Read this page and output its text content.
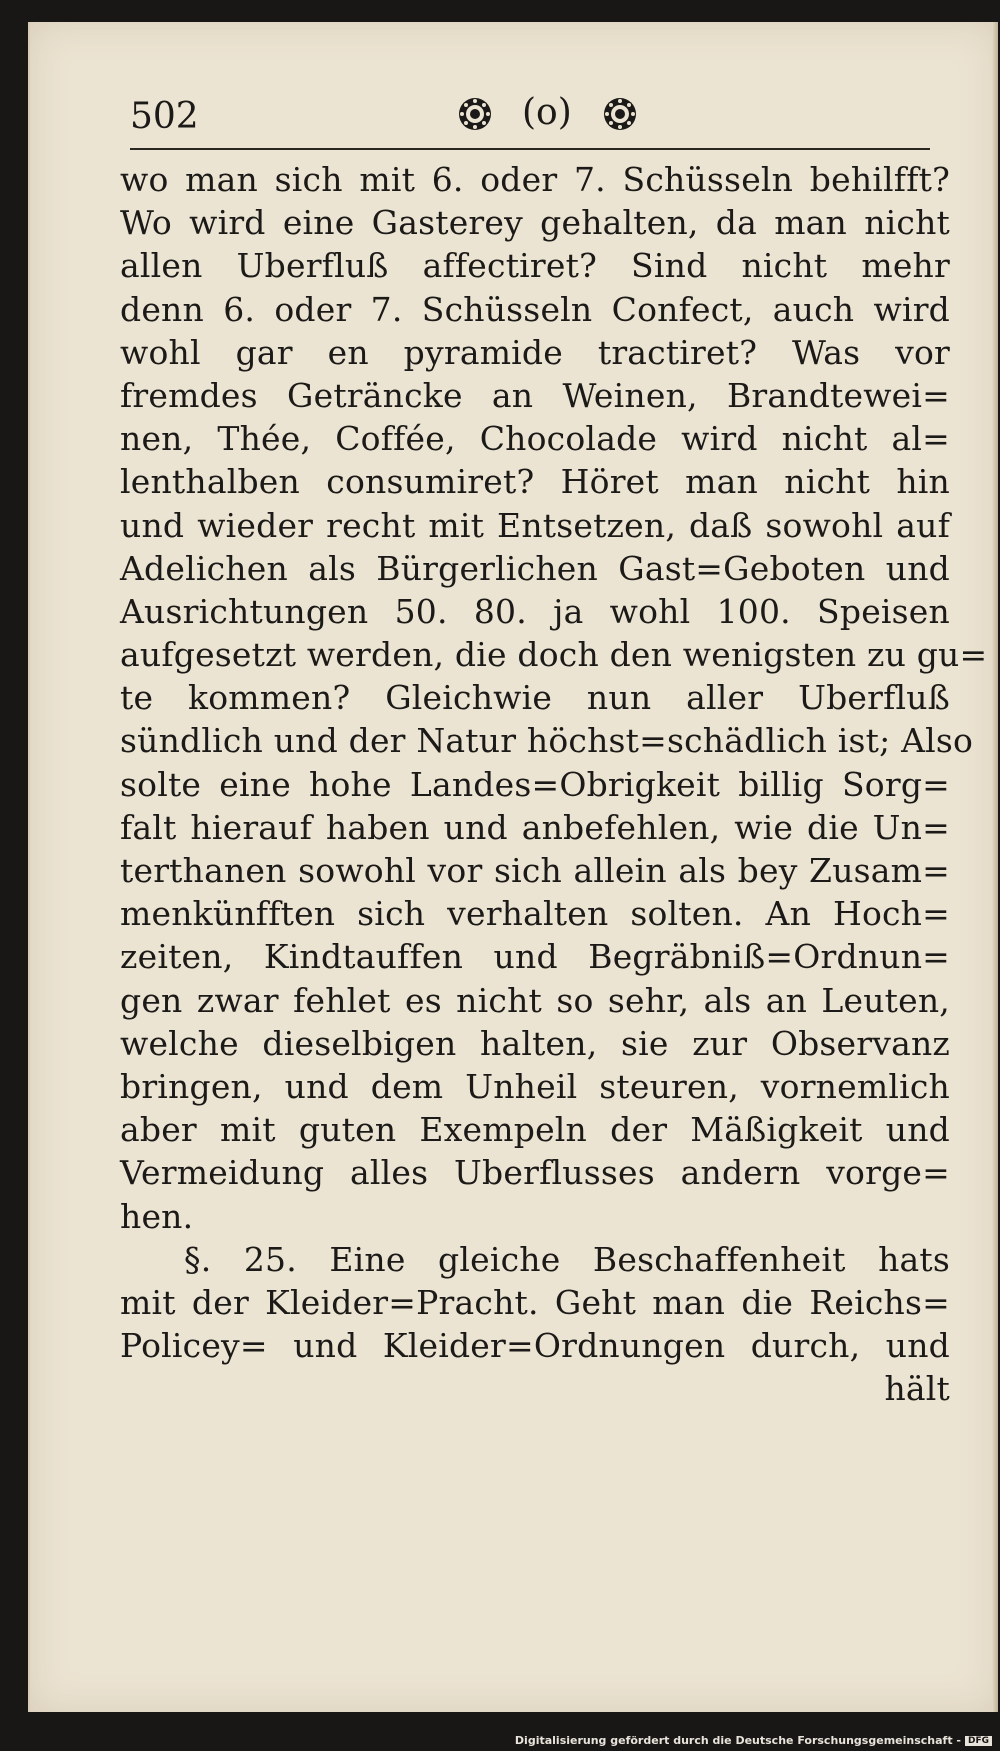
502	(o)
wo man sich mit 6. oder 7. Schüsseln behilfft?
Wo wird eine Gasterey gehalten, da man nicht
allen Uberfluß affectiret? Sind nicht mehr
denn 6. oder 7. Schüsseln Confect, auch wird
wohl gar en pyramide tractiret? Was vor
fremdes Geträncke an Weinen, Brandtewei=
nen, Thée, Coffée, Chocolade wird nicht al=
lenthalben consumiret? Höret man nicht hin
und wieder recht mit Entsetzen, daß sowohl auf
Adelichen als Bürgerlichen Gast=Geboten und
Ausrichtungen 50. 80. ja wohl 100. Speisen
aufgesetzt werden, die doch den wenigsten zu gu=
te kommen? Gleichwie nun aller Uberfluß
sündlich und der Natur höchst=schädlich ist; Also
solte eine hohe Landes=Obrigkeit billig Sorg=
falt hierauf haben und anbefehlen, wie die Un=
terthanen sowohl vor sich allein als bey Zusam=
menkünfften sich verhalten solten. An Hoch=
zeiten, Kindtauffen und Begräbniß=Ordnun=
gen zwar fehlet es nicht so sehr, als an Leuten,
welche dieselbigen halten, sie zur Observanz
bringen, und dem Unheil steuren, vornemlich
aber mit guten Exempeln der Mäßigkeit und
Vermeidung alles Uberflusses andern vorge=
hen.
§. 25. Eine gleiche Beschaffenheit hats
mit der Kleider=Pracht. Geht man die Reichs=
Policey= und Kleider=Ordnungen durch, und
hält
Digitalisierung gefördert durch die Deutsche Forschungsgemeinschaft - DFG
